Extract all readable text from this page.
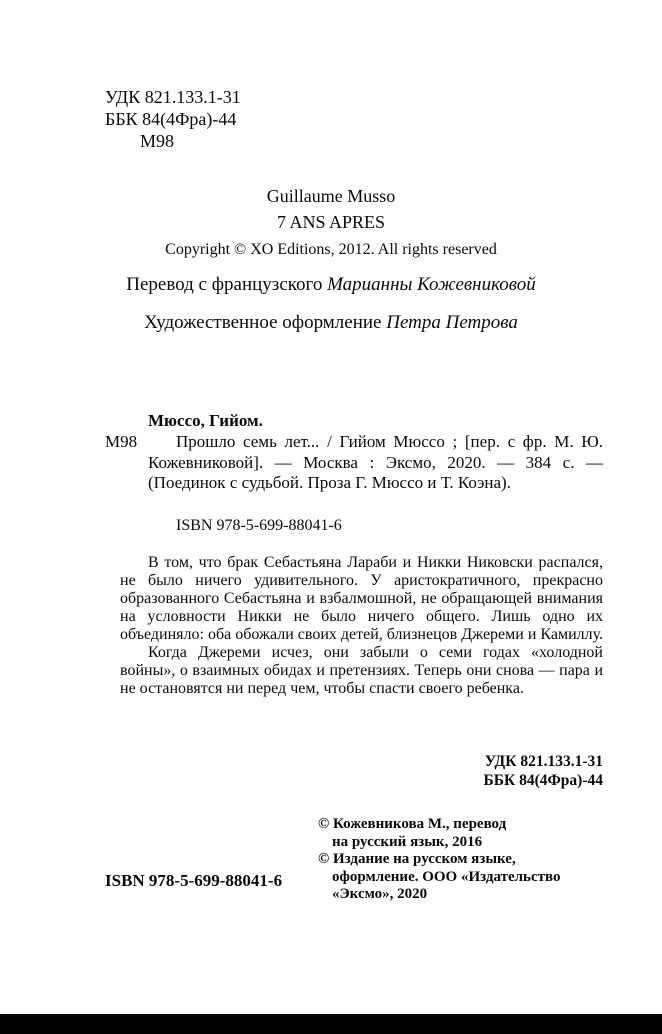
УДК 821.133.1-31
ББК 84(4Фра)-44
М98
Guillaume Musso
7 ANS APRES
Copyright © XO Editions, 2012. All rights reserved
Перевод с французского Марианны Кожевниковой
Художественное оформление Петра Петрова
Мюссо, Гийом.
М98 Прошло семь лет... / Гийом Мюссо ; [пер. с фр. М. Ю. Кожевниковой]. — Москва : Эксмо, 2020. — 384 с. — (Поединок с судьбой. Проза Г. Мюссо и Т. Коэна).
ISBN 978-5-699-88041-6

В том, что брак Себастьяна Лараби и Никки Никовски распался, не было ничего удивительного. У аристократичного, прекрасно образованного Себастьяна и взбалмошной, не обращающей внимания на условности Никки не было ничего общего. Лишь одно их объединяло: оба обожали своих детей, близнецов Джереми и Камиллу.

Когда Джереми исчез, они забыли о семи годах «холодной войны», о взаимных обидах и претензиях. Теперь они снова — пара и не остановятся ни перед чем, чтобы спасти своего ребенка.

УДК 821.133.1-31
ББК 84(4Фра)-44
© Кожевникова М., перевод
на русский язык, 2016
© Издание на русском языке,
оформление. ООО «Издательство
«Эксмо», 2020
ISBN 978-5-699-88041-6
